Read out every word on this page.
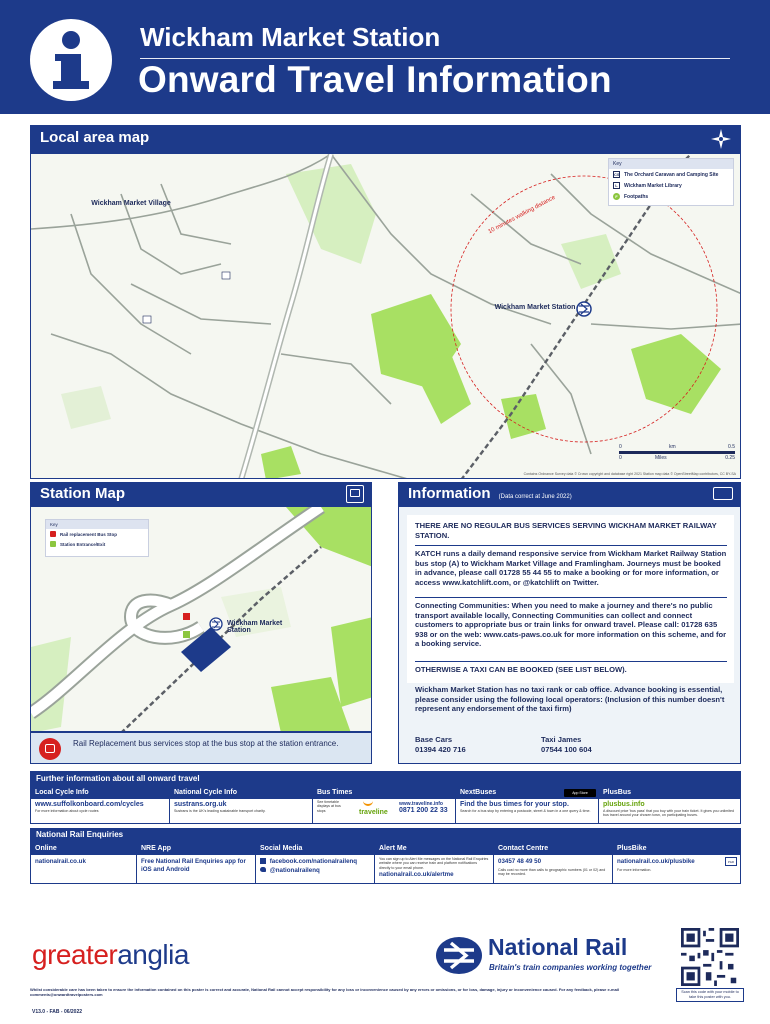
Wickham Market Station
Onward Travel Information
Local area map
Key
CS The Orchard Caravan and Camping Site
L	Wickham Market Library
F	Footpaths
Wickham Market Village
Wickham Market Station
10 minutes walking distance
0	km	0.5
0	Miles	0.25
Contains Ordnance Survey data © Crown copyright and database right 2021 Station map data © OpenStreetMap contributors, CC BY-SA
Station Map
Key
Rail replacement Bus Stop
Station Entrance/Exit
Wickham Market Station
Rail Replacement bus services stop at the bus stop at the station entrance.
Information (Data correct at June 2022)
THERE ARE NO REGULAR BUS SERVICES SERVING WICKHAM MARKET RAILWAY STATION.
KATCH runs a daily demand responsive service from Wickham Market Railway Station bus stop (A) to Wickham Market Village and Framlingham. Journeys must be booked in advance, please call 01728 55 44 55 to make a booking or for more information, or access www.katchlift.com, or @katchlift on Twitter.
Connecting Communities: When you need to make a journey and there's no public transport available locally, Connecting Communities can collect and connect customers to appropriate bus or train links for onward travel. Please call: 01728 635 938 or on the web: www.cats-paws.co.uk for more information on this scheme, and for a booking service.
OTHERWISE A TAXI CAN BE BOOKED (SEE LIST BELOW).
Wickham Market Station has no taxi rank or cab office. Advance booking is essential, please consider using the following local operators: (Inclusion of this number doesn't represent any endorsement of the taxi firm)
Base Cars
01394 420 716
Taxi James
07544 100 604
Further information about all onward travel
Local Cycle Info
www.suffolkonboard.com/cycles
For more information about cycle routes
National Cycle Info
sustrans.org.uk
Sustrans is the UK's leading sustainable transport charity.
Bus Times
See timetable displays at bus stops	traveline
www.traveline.info
0871 200 22 33
NextBuses	App Store
Find the bus times for your stop.
Search for a bus stop by entering a postcode, street & town in a one query & time.
PlusBus
plusbus.info
A discount price 'bus pass' that you buy with your train ticket. It gives you unlimited bus travel around your chosen town, on participating buses.
National Rail Enquiries
Online
nationalrail.co.uk
NRE App
Free National Rail Enquiries app for iOS and Android
Social Media
facebook.com/nationalrailenq
@nationalrailenq
Alert Me
You can sign up to Alert Me messages on the National Rail Enquiries website where you can receive train and platform notifications directly to your email phone.
nationalrail.co.uk/alertme
Contact Centre
03457 48 49 50
Calls cost no more than calls to geographic numbers (01 or 02) and may be recorded.
PlusBike
P&R
nationalrail.co.uk/plusbike
For more information.
greateranglia	National Rail
Britain's train companies working together
Whilst considerable care has been taken to ensure the information contained on this poster is correct and accurate, National Rail cannot accept responsibility for any loss or inconvenience caused by any errors or omissions, or for loss, damage, injury or inconvenience caused. For any feedback, please e-mail comments@onwardtravelposters.com	Scan this code with your mobile to take this poster with you.
V13.0 - FAB - 06/2022
